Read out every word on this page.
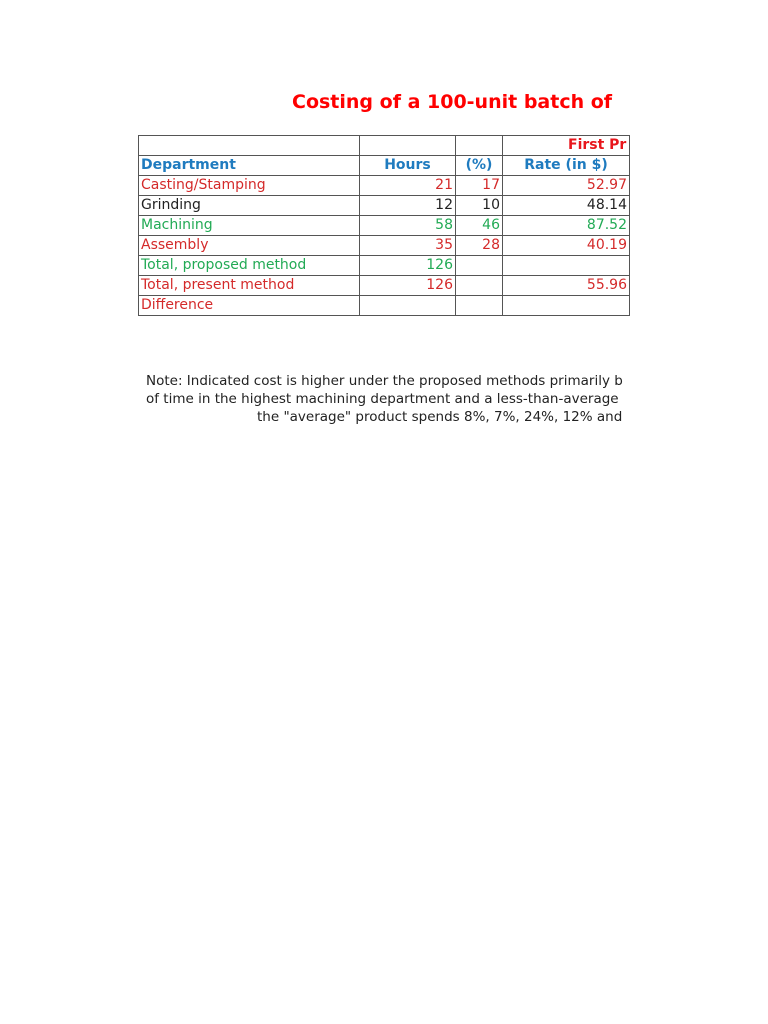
Costing of a 100-unit batch of
			First Pr
Department	Hours	(%)	Rate (in $)
Casting/Stamping	21	17	52.97
Grinding	12	10	48.14
Machining	58	46	87.52
Assembly	35	28	40.19
Total, proposed method	126		
Total, present method	126		55.96
Difference			
Note: Indicated cost is higher under the proposed methods primarily b
of time in the highest machining department and a less-than-average
the "average" product spends 8%, 7%, 24%, 12% and
